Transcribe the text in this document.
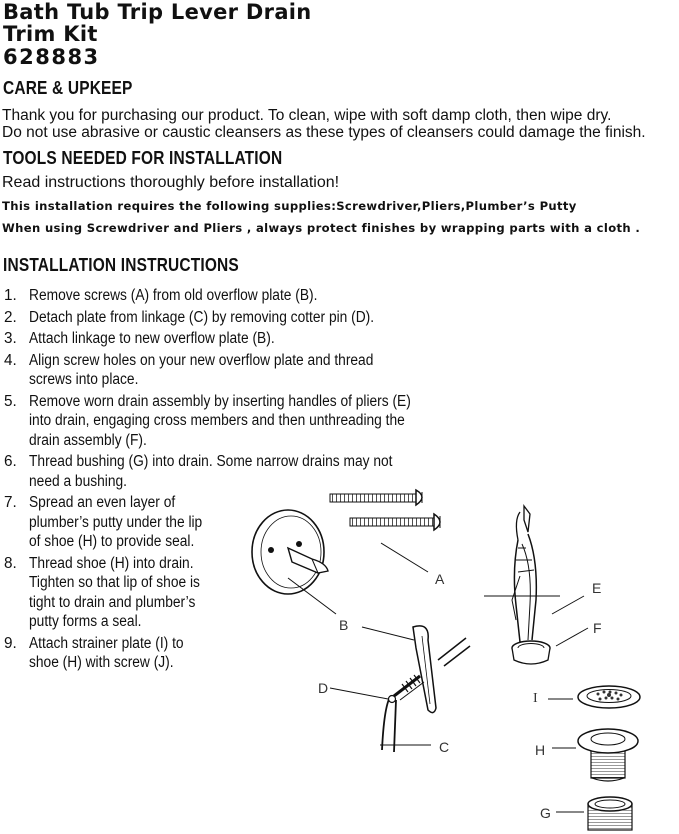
Bath Tub Trip Lever Drain
Trim Kit
628883
CARE & UPKEEP
Thank you for purchasing our product. To clean, wipe with soft damp cloth, then wipe dry.
Do not use abrasive or caustic cleansers as these types of cleansers could damage the finish.
TOOLS NEEDED FOR INSTALLATION
Read instructions thoroughly before installation!
This installation requires the following supplies:Screwdriver,Pliers,Plumber’s Putty
When using Screwdriver and Pliers , always protect finishes by wrapping parts with a cloth .
INSTALLATION INSTRUCTIONS
1. Remove screws (A) from old overflow plate (B).
2. Detach plate from linkage (C) by removing cotter pin (D).
3. Attach linkage to new overflow plate (B).
4. Align screw holes on your new overflow plate and thread
screws into place.
5. Remove worn drain assembly by inserting handles of pliers (E)
into drain, engaging cross members and then unthreading the
drain assembly (F).
6. Thread bushing (G) into drain. Some narrow drains may not
need a bushing.
7. Spread an even layer of
plumber’s putty under the lip
of shoe (H) to provide seal.
8. Thread shoe (H) into drain.
Tighten so that lip of shoe is
tight to drain and plumber’s
putty forms a seal.
9. Attach strainer plate (I) to
shoe (H) with screw (J).
A
B
D
C
E
F
I
H
G
